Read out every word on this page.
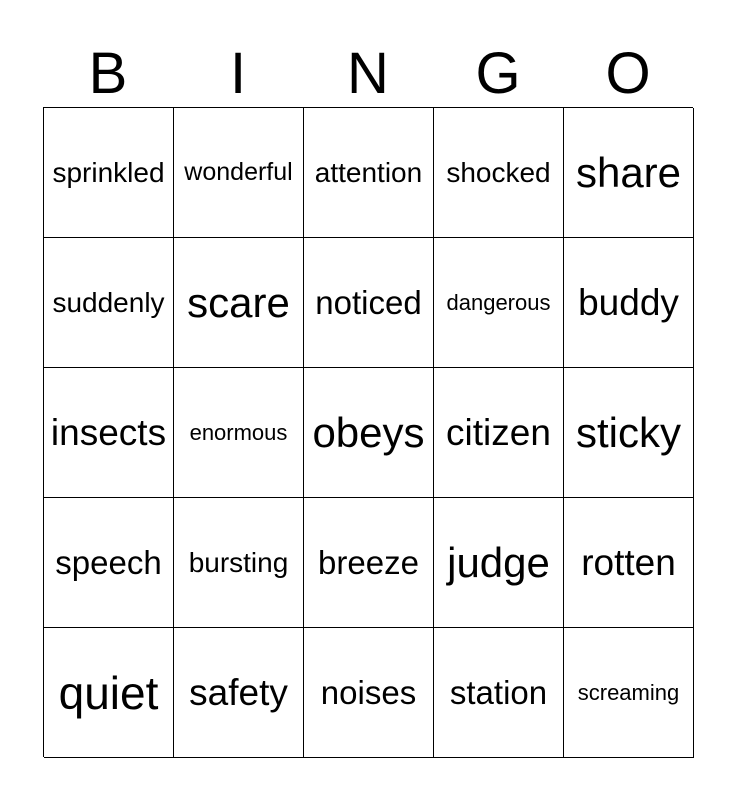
B	I	N	G	O
sprinkled wonderful attention shocked share
suddenly scare noticed dangerous buddy
insects enormous obeys citizen sticky
speech bursting breeze judge rotten
quiet safety noises station screaming
